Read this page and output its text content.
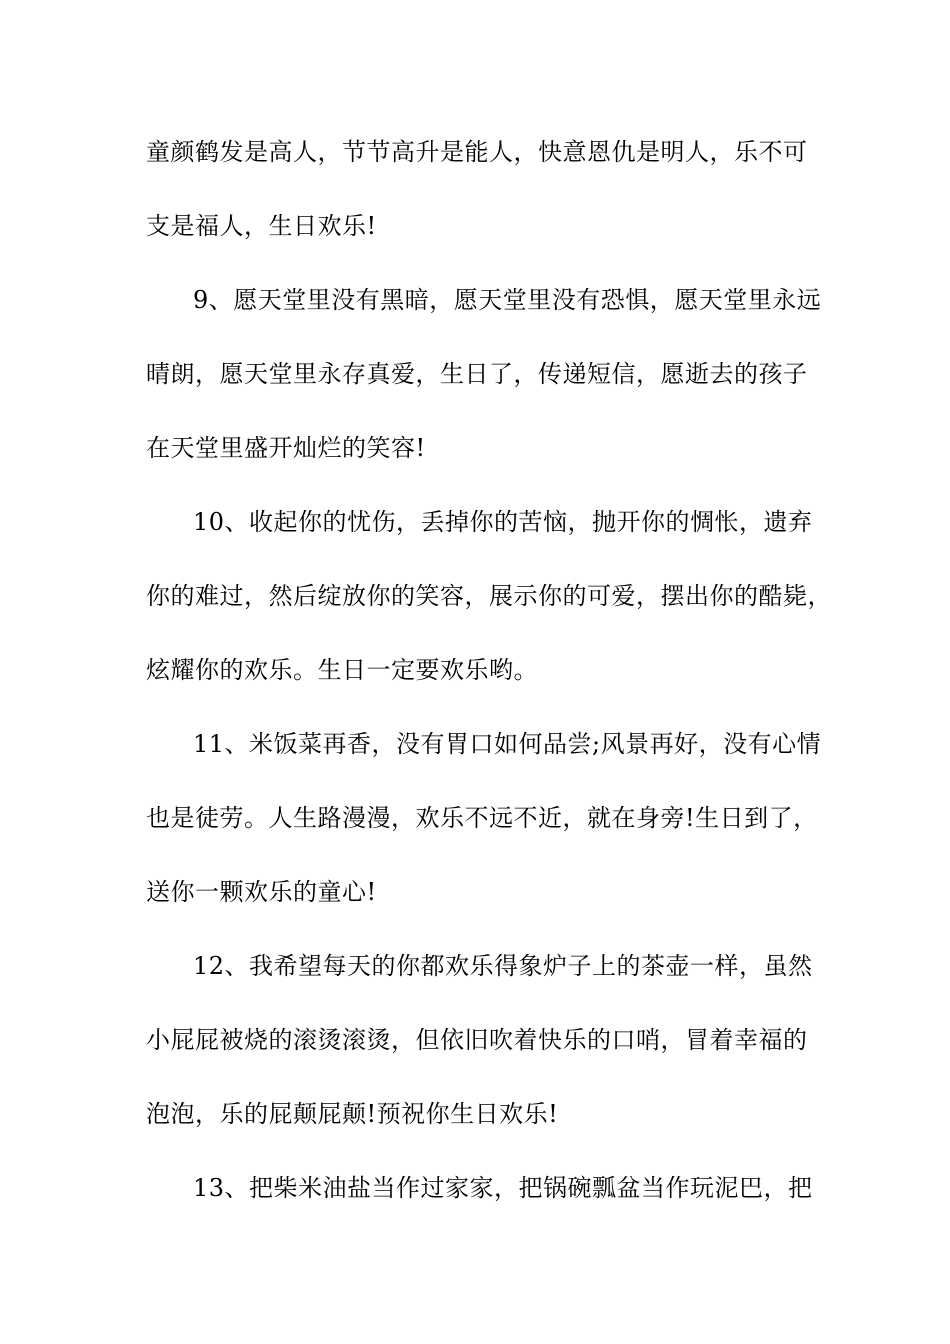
童颜鹤发是高人，节节高升是能人，快意恩仇是明人，乐不可
支是福人，生日欢乐!
9、愿天堂里没有黑暗，愿天堂里没有恐惧，愿天堂里永远
晴朗，愿天堂里永存真爱，生日了，传递短信，愿逝去的孩子
在天堂里盛开灿烂的笑容!
10、收起你的忧伤，丢掉你的苦恼，抛开你的惆怅，遗弃
你的难过，然后绽放你的笑容，展示你的可爱，摆出你的酷毙，
炫耀你的欢乐。生日一定要欢乐哟。
11、米饭菜再香，没有胃口如何品尝;风景再好，没有心情
也是徒劳。人生路漫漫，欢乐不远不近，就在身旁!生日到了，
送你一颗欢乐的童心!
12、我希望每天的你都欢乐得象炉子上的茶壶一样，虽然
小屁屁被烧的滚烫滚烫，但依旧吹着快乐的口哨，冒着幸福的
泡泡，乐的屁颠屁颠!预祝你生日欢乐!
13、把柴米油盐当作过家家，把锅碗瓢盆当作玩泥巴，把
